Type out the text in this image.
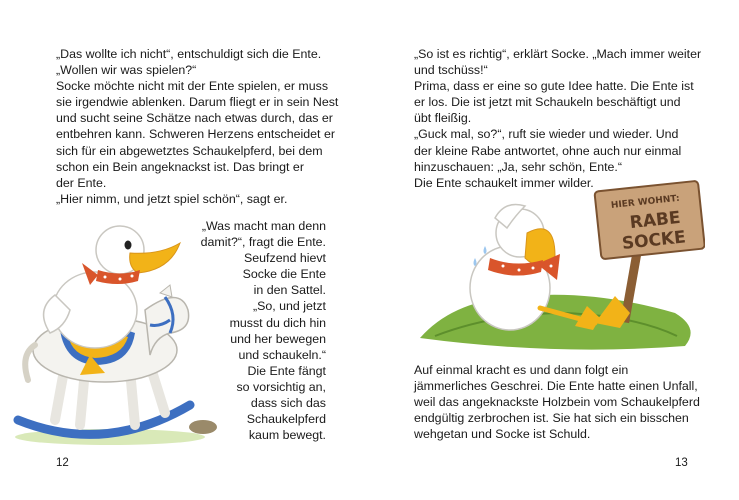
„Das wollte ich nicht“, entschuldigt sich die Ente.
„Wollen wir was spielen?“
Socke möchte nicht mit der Ente spielen, er muss
sie irgendwie ablenken. Darum fliegt er in sein Nest
und sucht seine Schätze nach etwas durch, das er
entbehren kann. Schweren Herzens entscheidet er
sich für ein abgewetztes Schaukelpferd, bei dem
schon ein Bein angeknackst ist. Das bringt er
der Ente.
„Hier nimm, und jetzt spiel schön“, sagt er.
„Was macht man denn
damit?“, fragt die Ente.
Seufzend hievt
Socke die Ente
in den Sattel.
„So, und jetzt
musst du dich hin
und her bewegen
und schaukeln.“
Die Ente fängt
so vorsichtig an,
dass sich das
Schaukelpferd
kaum bewegt.
12
„So ist es richtig“, erklärt Socke. „Mach immer weiter
und tschüss!“
Prima, dass er eine so gute Idee hatte. Die Ente ist
er los. Die ist jetzt mit Schaukeln beschäftigt und
übt fleißig.
„Guck mal, so?“, ruft sie wieder und wieder. Und
der kleine Rabe antwortet, ohne auch nur einmal
hinzuschauen: „Ja, sehr schön, Ente.“
Die Ente schaukelt immer wilder.
Auf einmal kracht es und dann folgt ein
jämmerliches Geschrei. Die Ente hatte einen Unfall,
weil das angeknackste Holzbein vom Schaukelpferd
endgültig zerbrochen ist. Sie hat sich ein bisschen
wehgetan und Socke ist Schuld.
13
HIER WOHNT:
RABE
SOCKE
